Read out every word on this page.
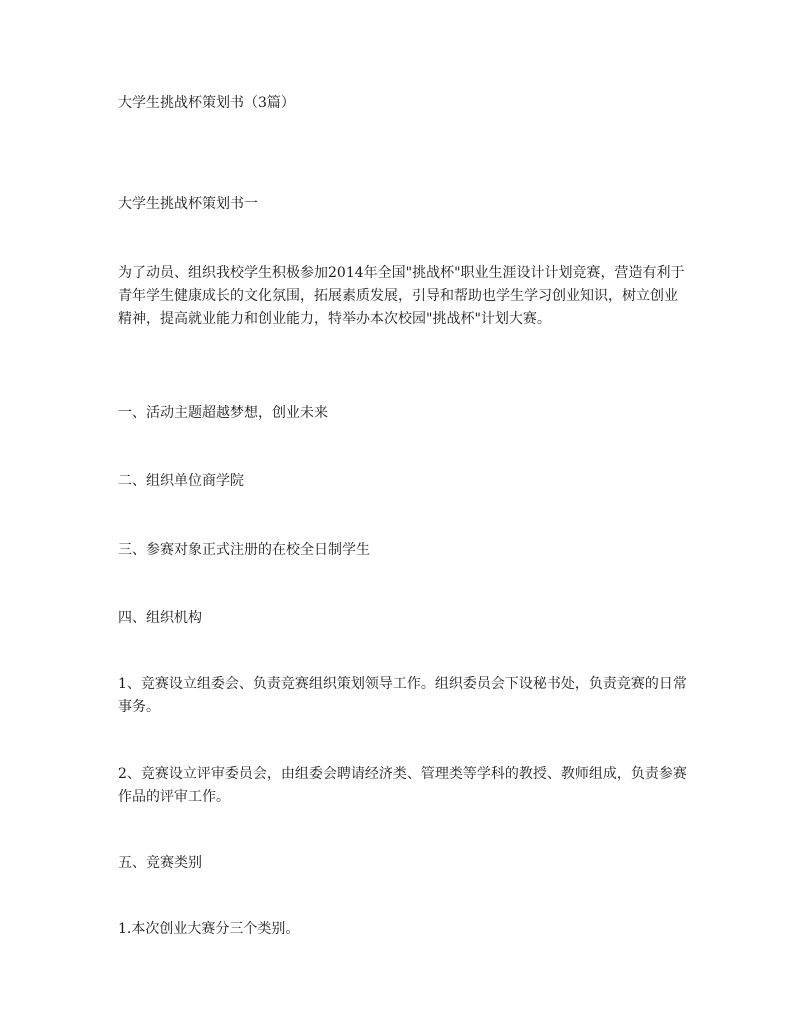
大学生挑战杯策划书（3篇）

大学生挑战杯策划书一

为了动员、组织我校学生积极参加2014年全国"挑战杯"职业生涯设计计划竞赛，营造有利于青年学生健康成长的文化氛围，拓展素质发展，引导和帮助也学生学习创业知识，树立创业精神，提高就业能力和创业能力，特举办本次校园"挑战杯"计划大赛。

一、活动主题超越梦想，创业未来

二、组织单位商学院

三、参赛对象正式注册的在校全日制学生

四、组织机构

1、竞赛设立组委会、负责竞赛组织策划领导工作。组织委员会下设秘书处，负责竞赛的日常事务。

2、竞赛设立评审委员会，由组委会聘请经济类、管理类等学科的教授、教师组成，负责参赛作品的评审工作。

五、竞赛类别

1.本次创业大赛分三个类别。
